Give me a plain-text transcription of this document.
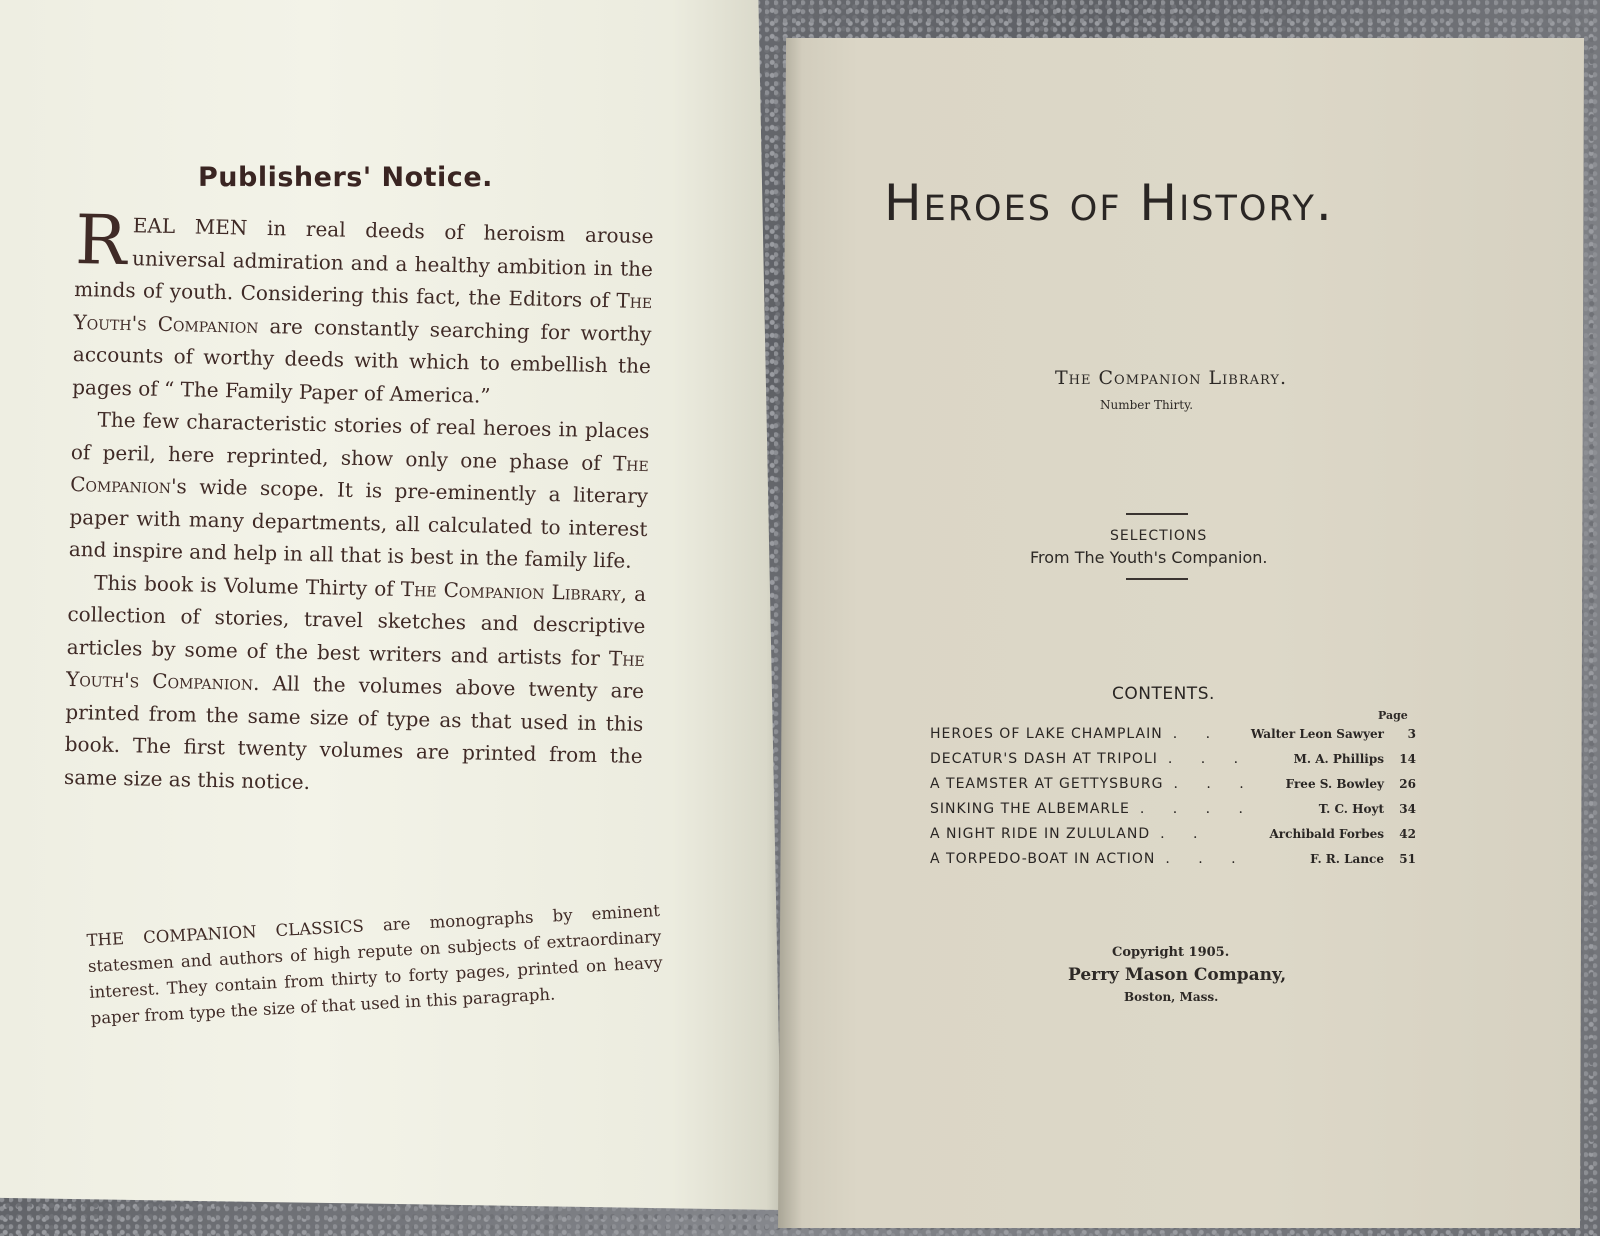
Publishers' Notice.

REAL MEN in real deeds of heroism arouse universal admiration and a healthy ambition in the minds of youth. Considering this fact, the Editors of The Youth's Companion are constantly searching for worthy accounts of worthy deeds with which to embellish the pages of “ The Family Paper of America.”

The few characteristic stories of real heroes in places of peril, here reprinted, show only one phase of The Companion's wide scope. It is pre-eminently a literary paper with many departments, all calculated to interest and inspire and help in all that is best in the family life.

This book is Volume Thirty of The Companion Library, a collection of stories, travel sketches and descriptive articles by some of the best writers and artists for The Youth's Companion. All the volumes above twenty are printed from the same size of type as that used in this book. The first twenty volumes are printed from the same size as this notice.

THE COMPANION CLASSICS are monographs by eminent statesmen and authors of high repute on subjects of extraordinary interest. They contain from thirty to forty pages, printed on heavy paper from type the size of that used in this paragraph.
Heroes of History.
The Companion Library.
Number Thirty.
SELECTIONS
From The Youth's Companion.
CONTENTS.
Page
HEROES OF LAKE CHAMPLAIN . .	Walter Leon Sawyer	3
DECATUR'S DASH AT TRIPOLI . . .	M. A. Phillips	14
A TEAMSTER AT GETTYSBURG . . .	Free S. Bowley	26
SINKING THE ALBEMARLE . . . .	T. C. Hoyt	34
A NIGHT RIDE IN ZULULAND . .	Archibald Forbes	42
A TORPEDO-BOAT IN ACTION . . .	F. R. Lance	51
Copyright 1905.
Perry Mason Company,
Boston, Mass.
